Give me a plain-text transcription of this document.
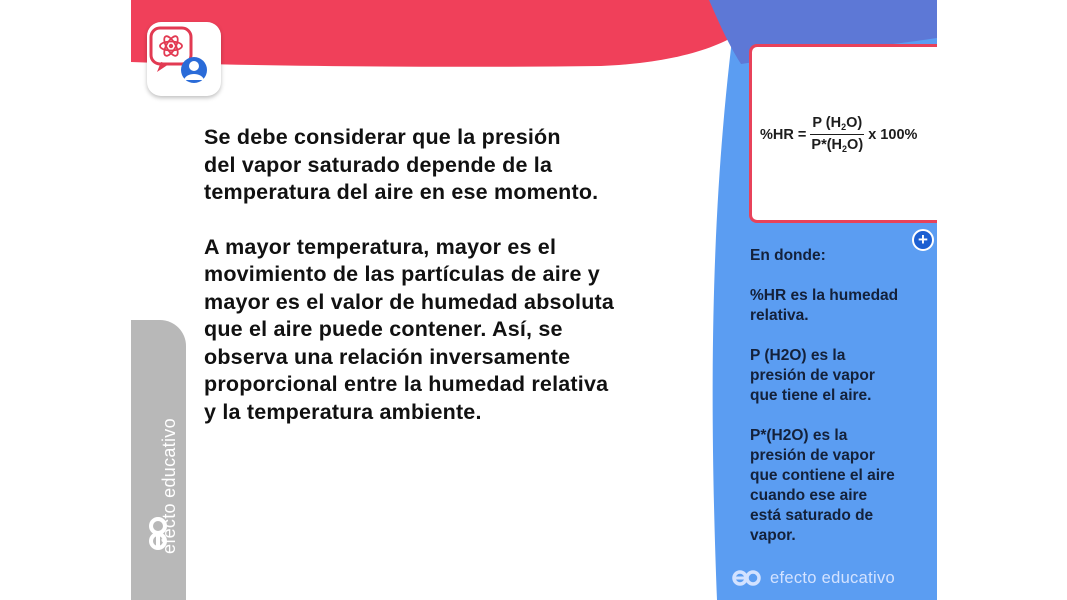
Se debe considerar que la presión
del vapor saturado depende de la
temperatura del aire en ese momento.

A mayor temperatura, mayor es el
movimiento de las partículas de aire y
mayor es el valor de humedad absoluta
que el aire puede contener. Así, se
observa una relación inversamente
proporcional entre la humedad relativa
y la temperatura ambiente.

efecto educativo
$\%HR = \frac{P (H_2O)}{P*(H_2O)}$ x 100%
+

En donde:

%HR es la humedad
relativa.

P (H2O) es la
presión de vapor
que tiene el aire.

P*(H2O) es la
presión de vapor
que contiene el aire
cuando ese aire
está saturado de
vapor.

efecto educativo
